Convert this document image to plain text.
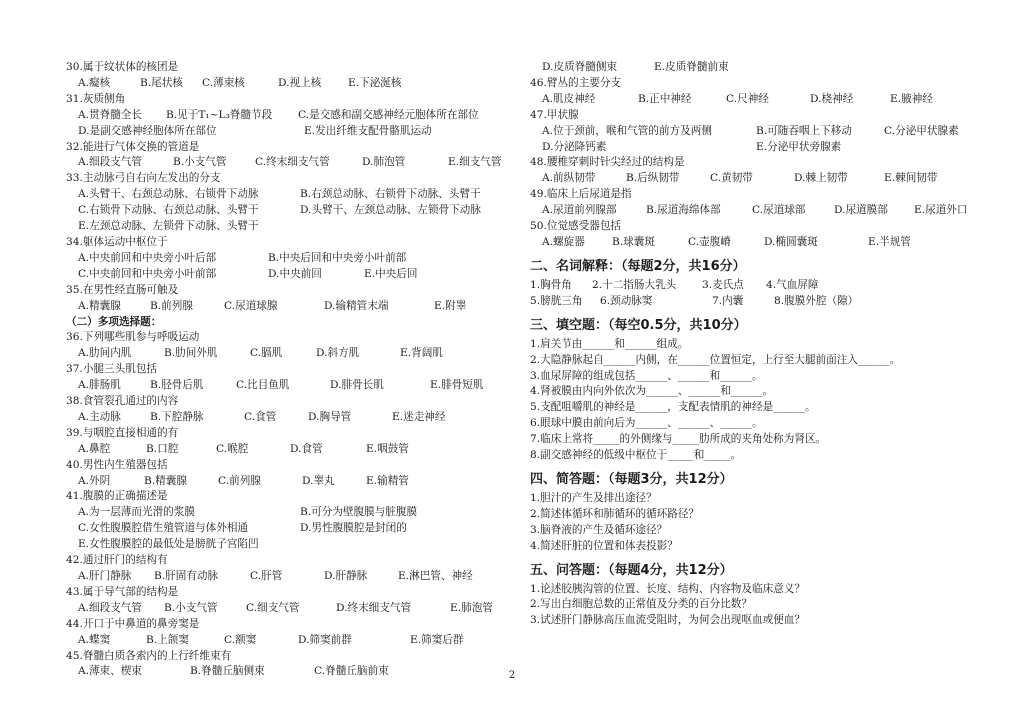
30.属于纹状体的核团是
A.癡核	B.尾状核 C.薄束核	D.视上核	E.下泌涎核
31.灰质侧角
A.贯脊髓全长 B.见于T₁~L₃脊髓节段 C.是交感和副交感神经元胞体所在部位
D.是副交感神经胞体所在部位	E.发出纤维支配骨骼肌运动
32.能进行气体交换的管道是
A.细段支气管	B.小支气管	C.终末细支气管	D.肺泡管	E.细支气管
33.主动脉弓自右向左发出的分支
A.头臂干、右颈总动脉、右锁骨下动脉	B.右颈总动脉、右锁骨下动脉、头臂干
C.右锁骨下动脉、右颈总动脉、头臂干	D.头臂干、左颈总动脉、左锁骨下动脉
E.左颈总动脉、左锁骨下动脉、头臂干
34.躯体运动中枢位于
A.中央前回和中央旁小叶后部	B.中央后回和中央旁小叶前部
C.中央前回和中央旁小叶前部	D.中央前回	E.中央后回
35.在男性经直肠可触及
A.精囊腺	B.前列腺	C.尿道球腺	D.输精管末端	E.附睾
（二）多项选择题：
36.下列哪些肌参与呼吸运动
A.肋间内肌	B.肋间外肌	C.膈肌	D.斜方肌	E.背阔肌
37.小腿三头肌包括
A.腓肠肌	B.胫骨后肌	C.比目鱼肌	D.腓骨长肌	E.腓骨短肌
38.食管裂孔通过的内容
A.主动脉	B.下腔静脉	C.食管	D.胸导管	E.迷走神经
39.与咽腔直接相通的有
A.鼻腔	B.口腔	C.喉腔	D.食管	E.咽鼓管
40.男性内生殖器包括
A.外阴	B.精囊腺	C.前列腺	D.睾丸	E.输精管
41.腹膜的正确描述是
A.为一层薄而光滑的浆膜	B.可分为壁腹膜与脏腹膜
C.女性腹膜腔借生殖管道与体外相通	D.男性腹膜腔是封闭的
E.女性腹膜腔的最低处是膀胱子宫陷凹
42.通过肝门的结构有
A.肝门静脉 B.肝固有动脉	C.肝管	D.肝静脉	E.淋巴管、神经
43.属于导气部的结构是
A.细段支气管 B.小支气管	C.细支气管	D.终末细支气管	E.肺泡管
44.开口于中鼻道的鼻旁窦是
A.蝶窦	B.上颌窦	C.额窦	D.筛窦前群	E.筛窦后群
45.脊髓白质各索内的上行纤维束有
A.薄束、楔束	B.脊髓丘脑侧束	C.脊髓丘脑前束
D.皮质脊髓侧束	E.皮质脊髓前束
46.臂丛的主要分支
A.肌皮神经	B.正中神经	C.尺神经	D.桡神经	E.腋神经
47.甲状腺
A.位于颈前，喉和气管的前方及两侧	B.可随吞咽上下移动	C.分泌甲状腺素
D.分泌降钙素	E.分泌甲状旁腺素
48.腰椎穿刺时针尖经过的结构是
A.前纵韧带	B.后纵韧带	C.黄韧带	D.棘上韧带	E.棘间韧带
49.临床上后尿道是指
A.尿道前列腺部	B.尿道海绵体部	C.尿道球部	D.尿道膜部 E.尿道外口
50.位觉感受器包括
A.螺旋器	B.球囊斑	C.壶腹嵴	D.椭圆囊斑	E.半规管
二、名词解释：（每题2分，共16分）
1.胸骨角 2.十二指肠大乳头 3.麦氏点 4.气血屏障
5.膀胱三角 6.颈动脉窦	7.内囊	8.腹膜外腔（隙）
三、填空题：（每空0.5分，共10分）
1.肩关节由______和______组成。
2.大隐静脉起自______内侧，在______位置恒定，上行至大腿前面注入______。
3.血尿屏障的组成包括______、______和______。
4.肾被膜由内向外依次为______、______和______。
5.支配咀嚼肌的神经是______，支配表情肌的神经是______。
6.眼球中膜由前向后为______、______、______。
7.临床上常将_____的外侧缘与_____肋所成的夹角处称为肾区。
8.副交感神经的低级中枢位于_____和_____。
四、简答题：（每题3分，共12分）
1.胆汁的产生及排出途径？
2.简述体循环和肺循环的循环路径？
3.脑脊液的产生及循环途径？
4.简述肝脏的位置和体表投影？
五、问答题：（每题4分，共12分）
1.论述胶胰沟管的位置、长度、结构、内容物及临床意义？
2.写出白细胞总数的正常值及分类的百分比数？
3.试述肝门静脉高压血流受阻时，为何会出现呕血或便血？
2
